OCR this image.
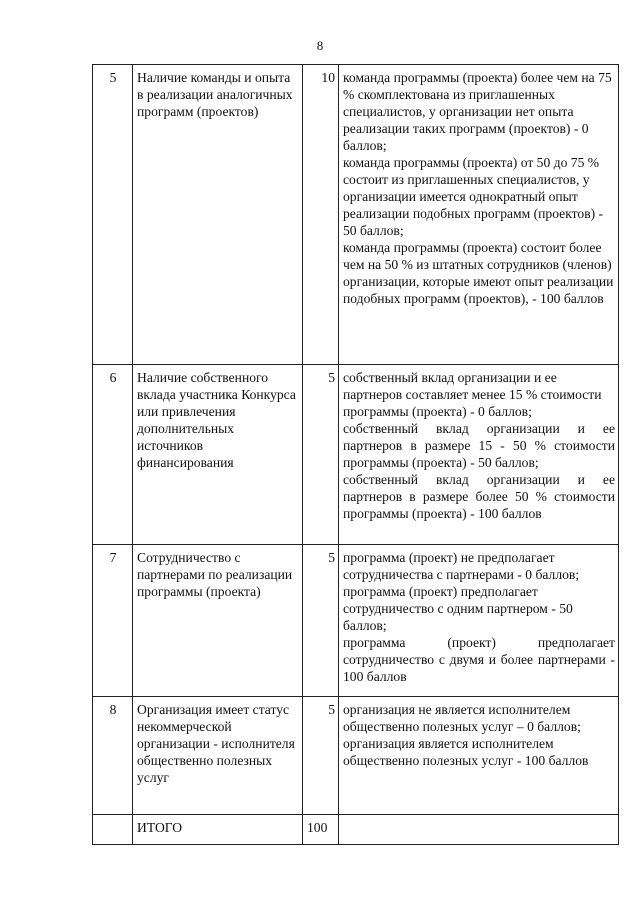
8
5	Наличие команды и опыта в реализации аналогичных программ (проектов)	10	команда программы (проекта) более чем на 75 % скомплектована из приглашенных специалистов, у организации нет опыта реализации таких программ (проектов) - 0 баллов;
команда программы (проекта) от 50 до 75 % состоит из приглашенных специалистов, у организации имеется однократный опыт реализации подобных программ (проектов) - 50 баллов;
команда программы (проекта) состоит более чем на 50 % из штатных сотрудников (членов) организации, которые имеют опыт реализации подобных программ (проектов), - 100 баллов

6	Наличие собственного вклада участника Конкурса или привлечения дополнительных источников финансирования	5	собственный вклад организации и ее партнеров составляет менее 15 % стоимости программы (проекта) - 0 баллов;
собственный вклад организации и ее партнеров в размере 15 - 50 % стоимости программы (проекта) - 50 баллов;
собственный вклад организации и ее партнеров в размере более 50 % стоимости программы (проекта) - 100 баллов

7	Сотрудничество с партнерами по реализации программы (проекта)	5	программа (проект) не предполагает сотрудничества с партнерами - 0 баллов;
программа (проект) предполагает сотрудничество с одним партнером - 50 баллов;
программа (проект) предполагает сотрудничество с двумя и более партнерами - 100 баллов

8	Организация имеет статус некоммерческой организации - исполнителя общественно полезных услуг	5	организация не является исполнителем общественно полезных услуг – 0 баллов;
организация является исполнителем общественно полезных услуг - 100 баллов

	ИТОГО	100	
